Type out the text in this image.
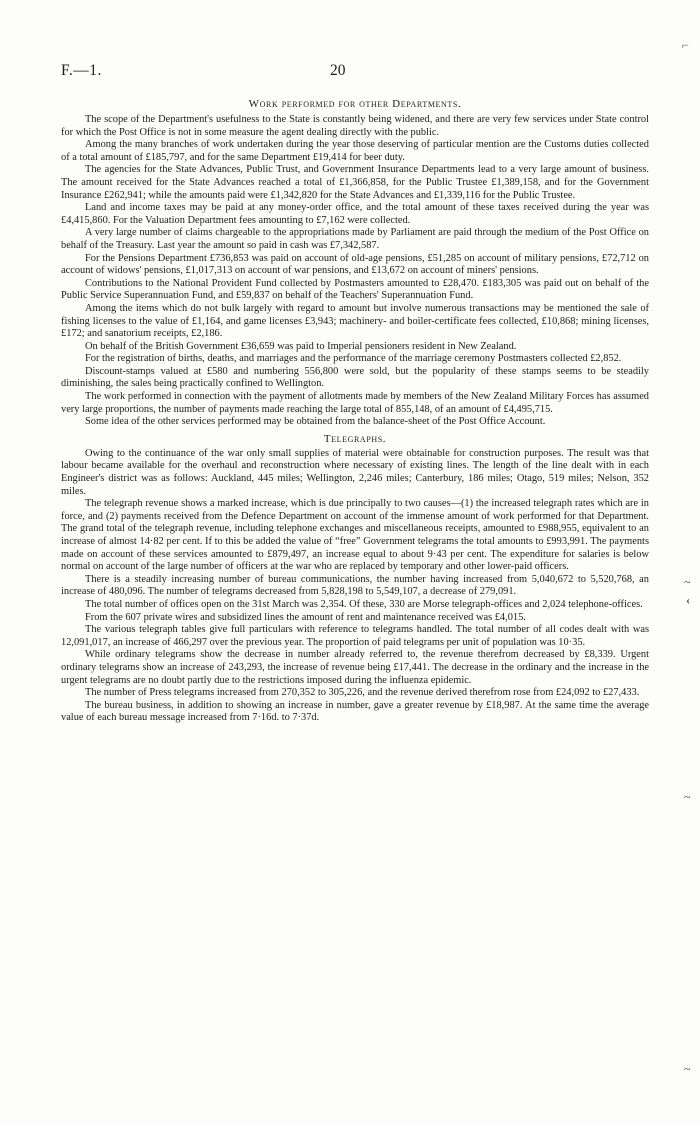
⌐
~
‹
~
~
F.—1.	20
Work performed for other Departments.

The scope of the Department's usefulness to the State is constantly being widened, and there are very few services under State control for which the Post Office is not in some measure the agent dealing directly with the public.

Among the many branches of work undertaken during the year those deserving of particular mention are the Customs duties collected of a total amount of £185,797, and for the same Department £19,414 for beer duty.

The agencies for the State Advances, Public Trust, and Government Insurance Departments lead to a very large amount of business. The amount received for the State Advances reached a total of £1,366,858, for the Public Trustee £1,389,158, and for the Government Insurance £262,941; while the amounts paid were £1,342,820 for the State Advances and £1,339,116 for the Public Trustee.

Land and income taxes may be paid at any money-order office, and the total amount of these taxes received during the year was £4,415,860. For the Valuation Department fees amounting to £7,162 were collected.

A very large number of claims chargeable to the appropriations made by Parliament are paid through the medium of the Post Office on behalf of the Treasury. Last year the amount so paid in cash was £7,342,587.

For the Pensions Department £736,853 was paid on account of old-age pensions, £51,285 on account of military pensions, £72,712 on account of widows' pensions, £1,017,313 on account of war pensions, and £13,672 on account of miners' pensions.

Contributions to the National Provident Fund collected by Postmasters amounted to £28,470. £183,305 was paid out on behalf of the Public Service Superannuation Fund, and £59,837 on behalf of the Teachers' Superannuation Fund.

Among the items which do not bulk largely with regard to amount but involve numerous transactions may be mentioned the sale of fishing licenses to the value of £1,164, and game licenses £3,943; machinery- and boiler-certificate fees collected, £10,868; mining licenses, £172; and sanatorium receipts, £2,186.

On behalf of the British Government £36,659 was paid to Imperial pensioners resident in New Zealand.

For the registration of births, deaths, and marriages and the performance of the marriage ceremony Postmasters collected £2,852.

Discount-stamps valued at £580 and numbering 556,800 were sold, but the popularity of these stamps seems to be steadily diminishing, the sales being practically confined to Wellington.

The work performed in connection with the payment of allotments made by members of the New Zealand Military Forces has assumed very large proportions, the number of payments made reaching the large total of 855,148, of an amount of £4,495,715.

Some idea of the other services performed may be obtained from the balance-sheet of the Post Office Account.

Telegraphs.

Owing to the continuance of the war only small supplies of material were obtainable for construction purposes. The result was that labour became available for the overhaul and reconstruction where necessary of existing lines. The length of the line dealt with in each Engineer's district was as follows: Auckland, 445 miles; Wellington, 2,246 miles; Canterbury, 186 miles; Otago, 519 miles; Nelson, 352 miles.

The telegraph revenue shows a marked increase, which is due principally to two causes—(1) the increased telegraph rates which are in force, and (2) payments received from the Defence Department on account of the immense amount of work performed for that Department. The grand total of the telegraph revenue, including telephone exchanges and miscellaneous receipts, amounted to £988,955, equivalent to an increase of almost 14·82 per cent. If to this be added the value of “free” Government telegrams the total amounts to £993,991. The payments made on account of these services amounted to £879,497, an increase equal to about 9·43 per cent. The expenditure for salaries is below normal on account of the large number of officers at the war who are replaced by temporary and other lower-paid officers.

There is a steadily increasing number of bureau communications, the number having increased from 5,040,672 to 5,520,768, an increase of 480,096. The number of telegrams decreased from 5,828,198 to 5,549,107, a decrease of 279,091.

The total number of offices open on the 31st March was 2,354. Of these, 330 are Morse telegraph-offices and 2,024 telephone-offices.

From the 607 private wires and subsidized lines the amount of rent and maintenance received was £4,015.

The various telegraph tables give full particulars with reference to telegrams handled. The total number of all codes dealt with was 12,091,017, an increase of 466,297 over the previous year. The proportion of paid telegrams per unit of population was 10·35.

While ordinary telegrams show the decrease in number already referred to, the revenue therefrom decreased by £8,339. Urgent ordinary telegrams show an increase of 243,293, the increase of revenue being £17,441. The decrease in the ordinary and the increase in the urgent telegrams are no doubt partly due to the restrictions imposed during the influenza epidemic.

The number of Press telegrams increased from 270,352 to 305,226, and the revenue derived therefrom rose from £24,092 to £27,433.

The bureau business, in addition to showing an increase in number, gave a greater revenue by £18,987. At the same time the average value of each bureau message increased from 7·16d. to 7·37d.
